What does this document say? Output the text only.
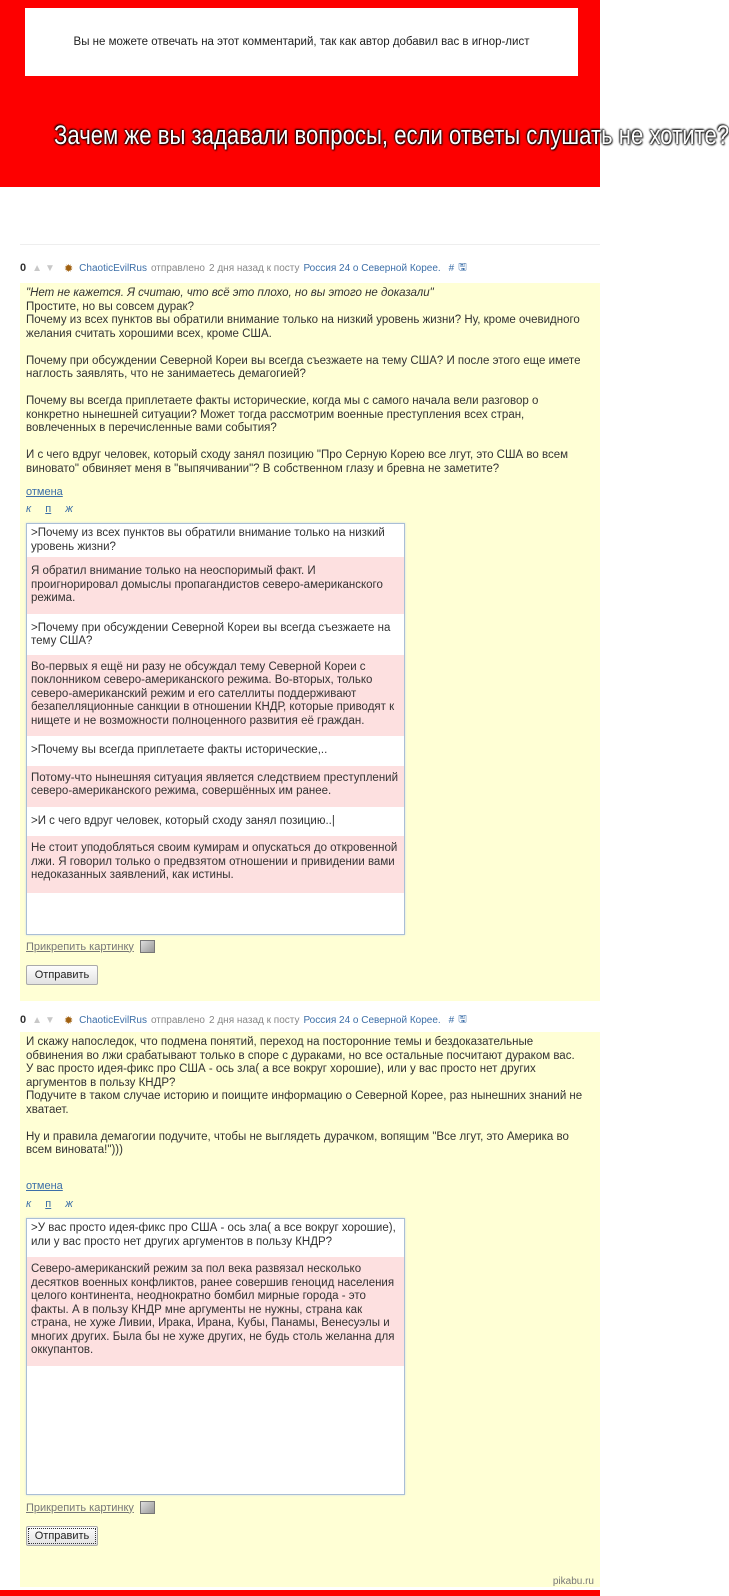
Вы не можете отвечать на этот комментарий, так как автор добавил вас в игнор-лист
Зачем же вы задавали вопросы, если ответы слушать не хотите?
0 ▲ ▼ ✹ ChaoticEvilRus отправлено 2 дня назад к посту Россия 24 о Северной Корее. # 🖫

"Нет не кажется. Я считаю, что всё это плохо, но вы этого не доказали"

Простите, но вы совсем дурак?

Почему из всех пунктов вы обратили внимание только на низкий уровень жизни? Ну, кроме очевидного желания считать хорошими всех, кроме США.

Почему при обсуждении Северной Кореи вы всегда съезжаете на тему США? И после этого еще имете наглость заявлять, что не занимаетесь демагогией?

Почему вы всегда приплетаете факты исторические, когда мы с самого начала вели разговор о конкретно нынешней ситуации? Может тогда рассмотрим военные преступления всех стран, вовлеченных в перечисленные вами события?

И с чего вдруг человек, который сходу занял позицию "Про Серную Корею все лгут, это США во всем виновато" обвиняет меня в "выпячивании"? В собственном глазу и бревна не заметите?

отмена
к п ж
>Почему из всех пунктов вы обратили внимание только на низкий уровень жизни?
Я обратил внимание только на неоспоримый факт. И проигнорировал домыслы пропагандистов северо-американского режима.
>Почему при обсуждении Северной Кореи вы всегда съезжаете на тему США?
Во-первых я ещё ни разу не обсуждал тему Северной Кореи с поклонником северо-американского режима. Во-вторых, только северо-американский режим и его сателлиты поддерживают безапелляционные санкции в отношении КНДР, которые приводят к нищете и не возможности полноценного развития её граждан.
>Почему вы всегда приплетаете факты исторические,..
Потому-что нынешняя ситуация является следствием преступлений северо-американского режима, совершённых им ранее.
>И с чего вдруг человек, который сходу занял позицию..|
Не стоит уподобляться своим кумирам и опускаться до откровенной лжи. Я говорил только о предвзятом отношении и привидении вами недоказанных заявлений, как истины.
Прикрепить картинку
Отправить
0 ▲ ▼ ✹ ChaoticEvilRus отправлено 2 дня назад к посту Россия 24 о Северной Корее. # 🖫

И скажу напоследок, что подмена понятий, переход на посторонние темы и бездоказательные обвинения во лжи срабатывают только в споре с дураками, но все остальные посчитают дураком вас.

У вас просто идея-фикс про США - ось зла( а все вокруг хорошие), или у вас просто нет других аргументов в пользу КНДР?

Подучите в таком случае историю и поищите информацию о Северной Корее, раз нынешних знаний не хватает.

Ну и правила демагогии подучите, чтобы не выглядеть дурачком, вопящим "Все лгут, это Америка во всем виновата!")))

отмена
к п ж
>У вас просто идея-фикс про США - ось зла( а все вокруг хорошие), или у вас просто нет других аргументов в пользу КНДР?
Северо-американский режим за пол века развязал несколько десятков военных конфликтов, ранее совершив геноцид населения целого континента, неоднократно бомбил мирные города - это факты. А в пользу КНДР мне аргументы не нужны, страна как страна, не хуже Ливии, Ирака, Ирана, Кубы, Панамы, Венесуэлы и многих других. Была бы не хуже других, не будь столь желанна для оккупантов.
Прикрепить картинку
Отправить
pikabu.ru
